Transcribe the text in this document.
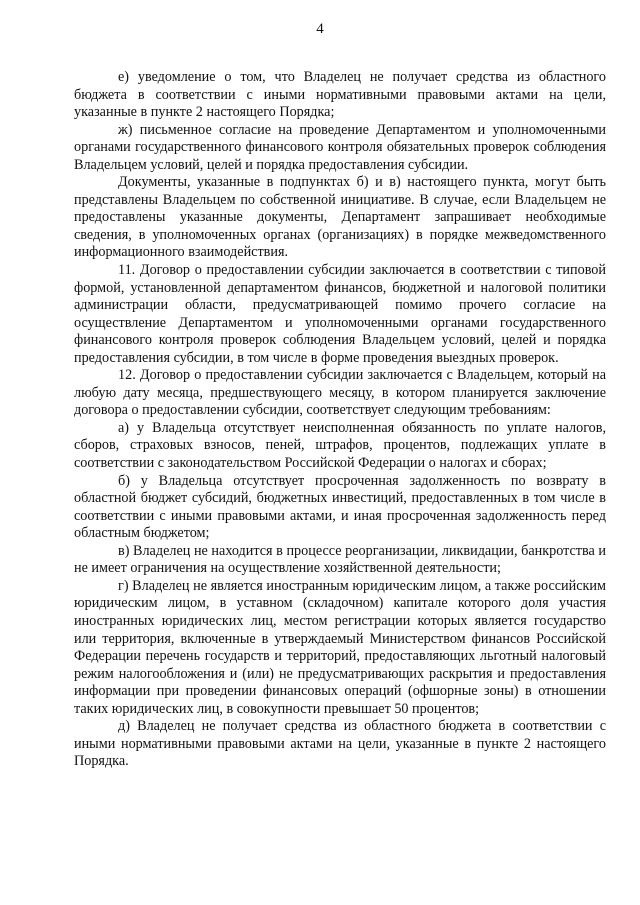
4

е) уведомление о том, что Владелец не получает средства из областного бюджета в соответствии с иными нормативными правовыми актами на цели, указанные в пункте 2 настоящего Порядка;

ж) письменное согласие на проведение Департаментом и уполномоченными органами государственного финансового контроля обязательных проверок соблюдения Владельцем условий, целей и порядка предоставления субсидии.

Документы, указанные в подпунктах б) и в) настоящего пункта, могут быть представлены Владельцем по собственной инициативе. В случае, если Владельцем не предоставлены указанные документы, Департамент запрашивает необходимые сведения, в уполномоченных органах (организациях) в порядке межведомственного информационного взаимодействия.

11. Договор о предоставлении субсидии заключается в соответствии с типовой формой, установленной департаментом финансов, бюджетной и налоговой политики администрации области, предусматривающей помимо прочего согласие на осуществление Департаментом и уполномоченными органами государственного финансового контроля проверок соблюдения Владельцем условий, целей и порядка предоставления субсидии, в том числе в форме проведения выездных проверок.

12. Договор о предоставлении субсидии заключается с Владельцем, который на любую дату месяца, предшествующего месяцу, в котором планируется заключение договора о предоставлении субсидии, соответствует следующим требованиям:

а) у Владельца отсутствует неисполненная обязанность по уплате налогов, сборов, страховых взносов, пеней, штрафов, процентов, подлежащих уплате в соответствии с законодательством Российской Федерации о налогах и сборах;

б) у Владельца отсутствует просроченная задолженность по возврату в областной бюджет субсидий, бюджетных инвестиций, предоставленных в том числе в соответствии с иными правовыми актами, и иная просроченная задолженность перед областным бюджетом;

в) Владелец не находится в процессе реорганизации, ликвидации, банкротства и не имеет ограничения на осуществление хозяйственной деятельности;

г) Владелец не является иностранным юридическим лицом, а также российским юридическим лицом, в уставном (складочном) капитале которого доля участия иностранных юридических лиц, местом регистрации которых является государство или территория, включенные в утверждаемый Министерством финансов Российской Федерации перечень государств и территорий, предоставляющих льготный налоговый режим налогообложения и (или) не предусматривающих раскрытия и предоставления информации при проведении финансовых операций (офшорные зоны) в отношении таких юридических лиц, в совокупности превышает 50 процентов;

д) Владелец не получает средства из областного бюджета в соответствии с иными нормативными правовыми актами на цели, указанные в пункте 2 настоящего Порядка.
